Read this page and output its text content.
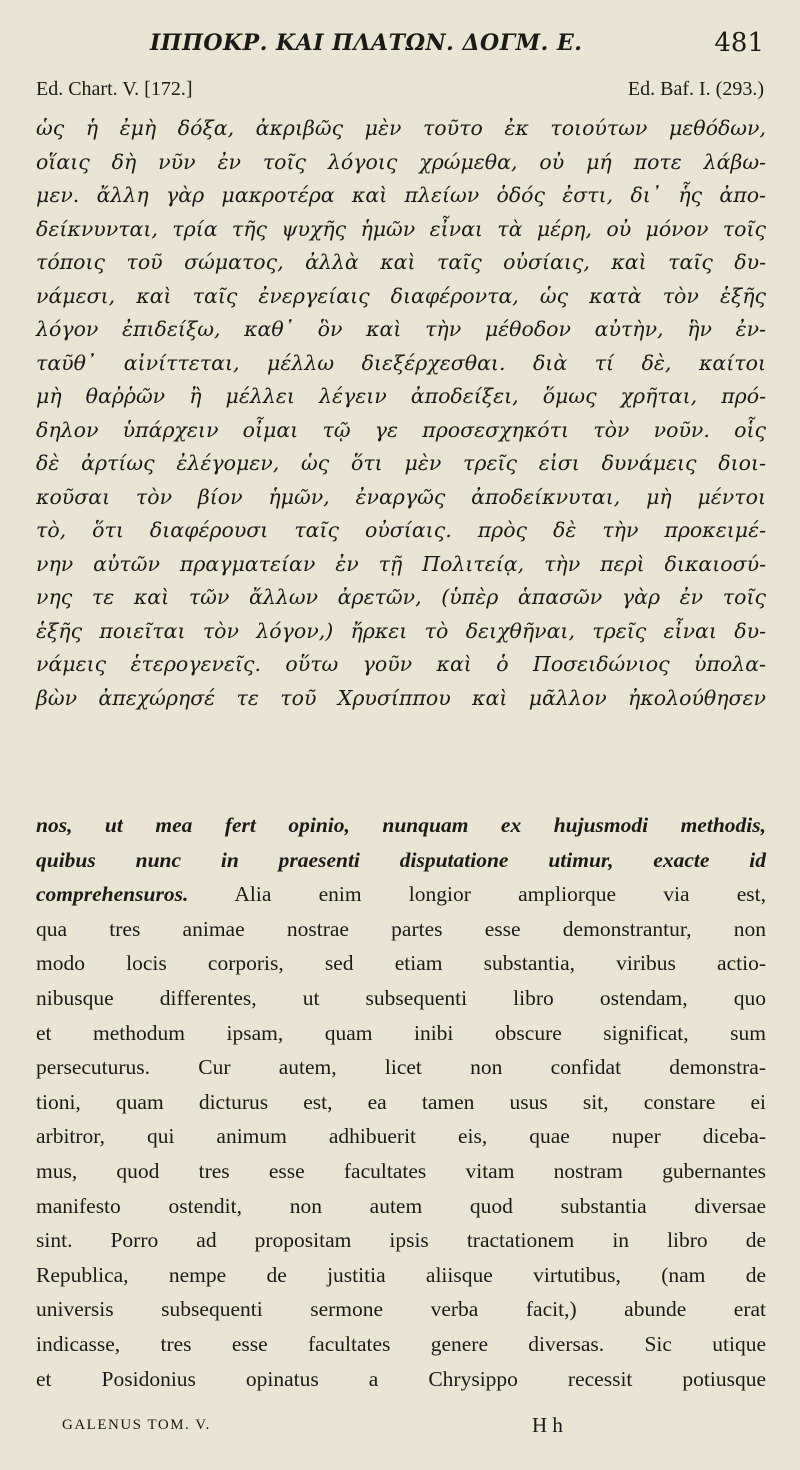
ΙΠΠΟΚΡ. ΚΑΙ ΠΛΑΤΩΝ. ΔΟΓΜ. Ε.	481
Ed. Chart. V. [172.]	Ed. Baf. I. (293.)
ὡς ἡ ἐμὴ δόξα, ἀκριβῶς μὲν τοῦτο ἐκ τοιούτων μεθόδων,
οἵαις δὴ νῦν ἐν τοῖς λόγοις χρώμεθα, οὐ μή ποτε λάβω-
μεν. ἄλλη γὰρ μακροτέρα καὶ πλείων ὁδός ἐστι, δι᾽ ἧς ἀπο-
δείκνυνται, τρία τῆς ψυχῆς ἡμῶν εἶναι τὰ μέρη, οὐ μόνον τοῖς
τόποις τοῦ σώματος, ἀλλὰ καὶ ταῖς οὐσίαις, καὶ ταῖς δυ-
νάμεσι, καὶ ταῖς ἐνεργείαις διαφέροντα, ὡς κατὰ τὸν ἑξῆς
λόγον ἐπιδείξω, καθ᾽ ὃν καὶ τὴν μέθοδον αὐτὴν, ἣν ἐν-
ταῦθ᾽ αἰνίττεται, μέλλω διεξέρχεσθαι. διὰ τί δὲ, καίτοι
μὴ θαῤῥῶν ἢ μέλλει λέγειν ἀποδείξει, ὅμως χρῆται, πρό-
δηλον ὑπάρχειν οἶμαι τῷ γε προσεσχηκότι τὸν νοῦν. οἷς
δὲ ἀρτίως ἐλέγομεν, ὡς ὅτι μὲν τρεῖς εἰσι δυνάμεις διοι-
κοῦσαι τὸν βίον ἡμῶν, ἐναργῶς ἀποδείκνυται, μὴ μέντοι
τὸ, ὅτι διαφέρουσι ταῖς οὐσίαις. πρὸς δὲ τὴν προκειμέ-
νην αὐτῶν πραγματείαν ἐν τῇ Πολιτείᾳ, τὴν περὶ δικαιοσύ-
νης τε καὶ τῶν ἄλλων ἀρετῶν, (ὑπὲρ ἁπασῶν γὰρ ἐν τοῖς
ἑξῆς ποιεῖται τὸν λόγον,) ἤρκει τὸ δειχθῆναι, τρεῖς εἶναι δυ-
νάμεις ἑτερογενεῖς. οὕτω γοῦν καὶ ὁ Ποσειδώνιος ὑπολα-
βὼν ἀπεχώρησέ τε τοῦ Χρυσίππου καὶ μᾶλλον ἠκολούθησεν
nos, ut mea fert opinio, nunquam ex hujusmodi methodis,
quibus nunc in praesenti disputatione utimur, exacte id
comprehensuros. Alia enim longior ampliorque via est,
qua tres animae nostrae partes esse demonstrantur, non
modo locis corporis, sed etiam substantia, viribus actio-
nibusque differentes, ut subsequenti libro ostendam, quo
et methodum ipsam, quam inibi obscure significat, sum
persecuturus. Cur autem, licet non confidat demonstra-
tioni, quam dicturus est, ea tamen usus sit, constare ei
arbitror, qui animum adhibuerit eis, quae nuper diceba-
mus, quod tres esse facultates vitam nostram gubernantes
manifesto ostendit, non autem quod substantia diversae
sint. Porro ad propositam ipsis tractationem in libro de
Republica, nempe de justitia aliisque virtutibus, (nam de
universis subsequenti sermone verba facit,) abunde erat
indicasse, tres esse facultates genere diversas. Sic utique
et Posidonius opinatus a Chrysippo recessit potiusque
GALENUS TOM. V.	H h
